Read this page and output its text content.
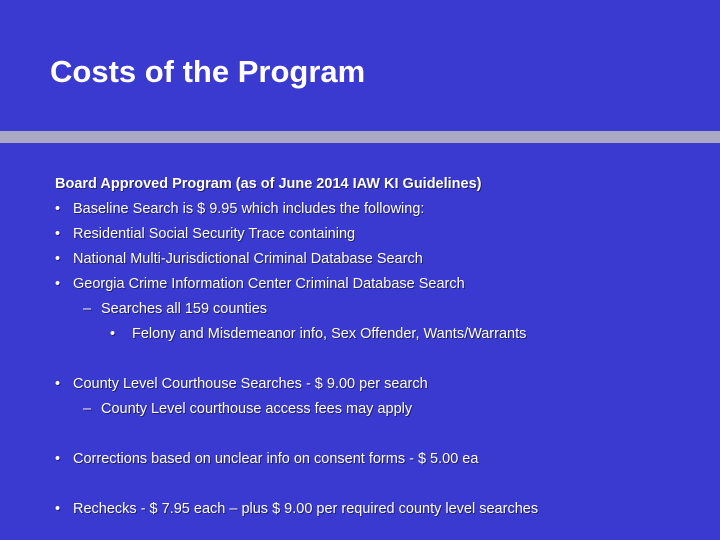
Costs of the Program
Board Approved Program (as of June 2014 IAW KI Guidelines)
• Baseline Search is $ 9.95 which includes the following:
• Residential Social Security Trace containing
• National Multi-Jurisdictional Criminal Database Search
• Georgia Crime Information Center Criminal Database Search
– Searches all 159 counties
• Felony and Misdemeanor info, Sex Offender, Wants/Warrants
• County Level Courthouse Searches - $ 9.00 per search
– County Level courthouse access fees may apply
• Corrections based on unclear info on consent forms - $ 5.00 ea
• Rechecks - $ 7.95 each – plus $ 9.00 per required county level searches
